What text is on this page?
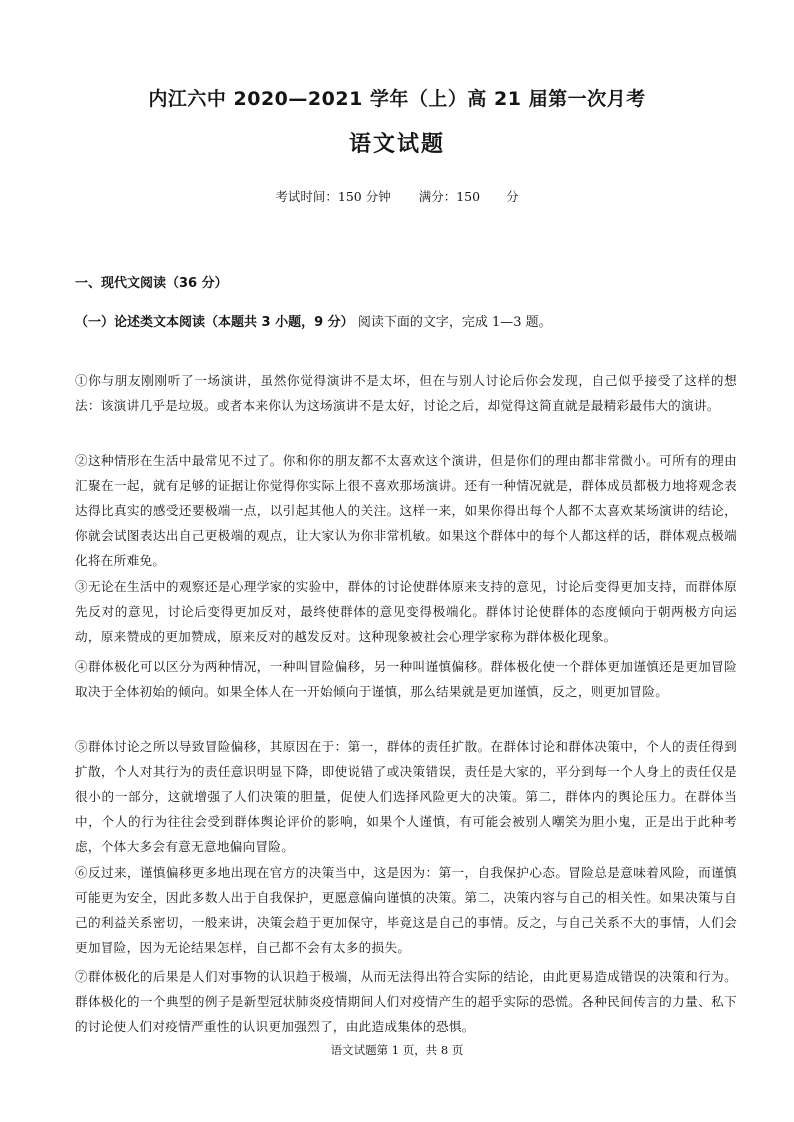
内江六中 2020—2021 学年（上）高 21 届第一次月考
语文试题
考试时间：150 分钟 满分：150 分
一、现代文阅读（36 分）
（一）论述类文本阅读（本题共 3 小题，9 分） 阅读下面的文字，完成 1—3 题。
①你与朋友刚刚听了一场演讲，虽然你觉得演讲不是太坏，但在与别人讨论后你会发现，自己似乎接受了这样的想法：该演讲几乎是垃圾。或者本来你认为这场演讲不是太好，讨论之后，却觉得这简直就是最精彩最伟大的演讲。
②这种情形在生活中最常见不过了。你和你的朋友都不太喜欢这个演讲，但是你们的理由都非常微小。可所有的理由汇聚在一起，就有足够的证据让你觉得你实际上很不喜欢那场演讲。还有一种情况就是，群体成员都极力地将观念表达得比真实的感受还要极端一点，以引起其他人的关注。这样一来，如果你得出每个人都不太喜欢某场演讲的结论，你就会试图表达出自己更极端的观点，让大家认为你非常机敏。如果这个群体中的每个人都这样的话，群体观点极端化将在所难免。
③无论在生活中的观察还是心理学家的实验中，群体的讨论使群体原来支持的意见，讨论后变得更加支持，而群体原先反对的意见，讨论后变得更加反对，最终使群体的意见变得极端化。群体讨论使群体的态度倾向于朝两极方向运动，原来赞成的更加赞成，原来反对的越发反对。这种现象被社会心理学家称为群体极化现象。
④群体极化可以区分为两种情况，一种叫冒险偏移，另一种叫谨慎偏移。群体极化使一个群体更加谨慎还是更加冒险取决于全体初始的倾向。如果全体人在一开始倾向于谨慎，那么结果就是更加谨慎，反之，则更加冒险。
⑤群体讨论之所以导致冒险偏移，其原因在于：第一，群体的责任扩散。在群体讨论和群体决策中，个人的责任得到扩散，个人对其行为的责任意识明显下降，即使说错了或决策错误，责任是大家的，平分到每一个人身上的责任仅是很小的一部分，这就增强了人们决策的胆量，促使人们选择风险更大的决策。第二，群体内的舆论压力。在群体当中，个人的行为往往会受到群体舆论评价的影响，如果个人谨慎，有可能会被别人嘲笑为胆小鬼，正是出于此种考虑，个体大多会有意无意地偏向冒险。
⑥反过来，谨慎偏移更多地出现在官方的决策当中，这是因为：第一，自我保护心态。冒险总是意味着风险，而谨慎可能更为安全，因此多数人出于自我保护，更愿意偏向谨慎的决策。第二，决策内容与自己的相关性。如果决策与自己的利益关系密切，一般来讲，决策会趋于更加保守，毕竟这是自己的事情。反之，与自己关系不大的事情，人们会更加冒险，因为无论结果怎样，自己都不会有太多的损失。
⑦群体极化的后果是人们对事物的认识趋于极端，从而无法得出符合实际的结论，由此更易造成错误的决策和行为。群体极化的一个典型的例子是新型冠状肺炎疫情期间人们对疫情产生的超乎实际的恐慌。各种民间传言的力量、私下的讨论使人们对疫情严重性的认识更加强烈了，由此造成集体的恐惧。
语文试题第 1 页，共 8 页
